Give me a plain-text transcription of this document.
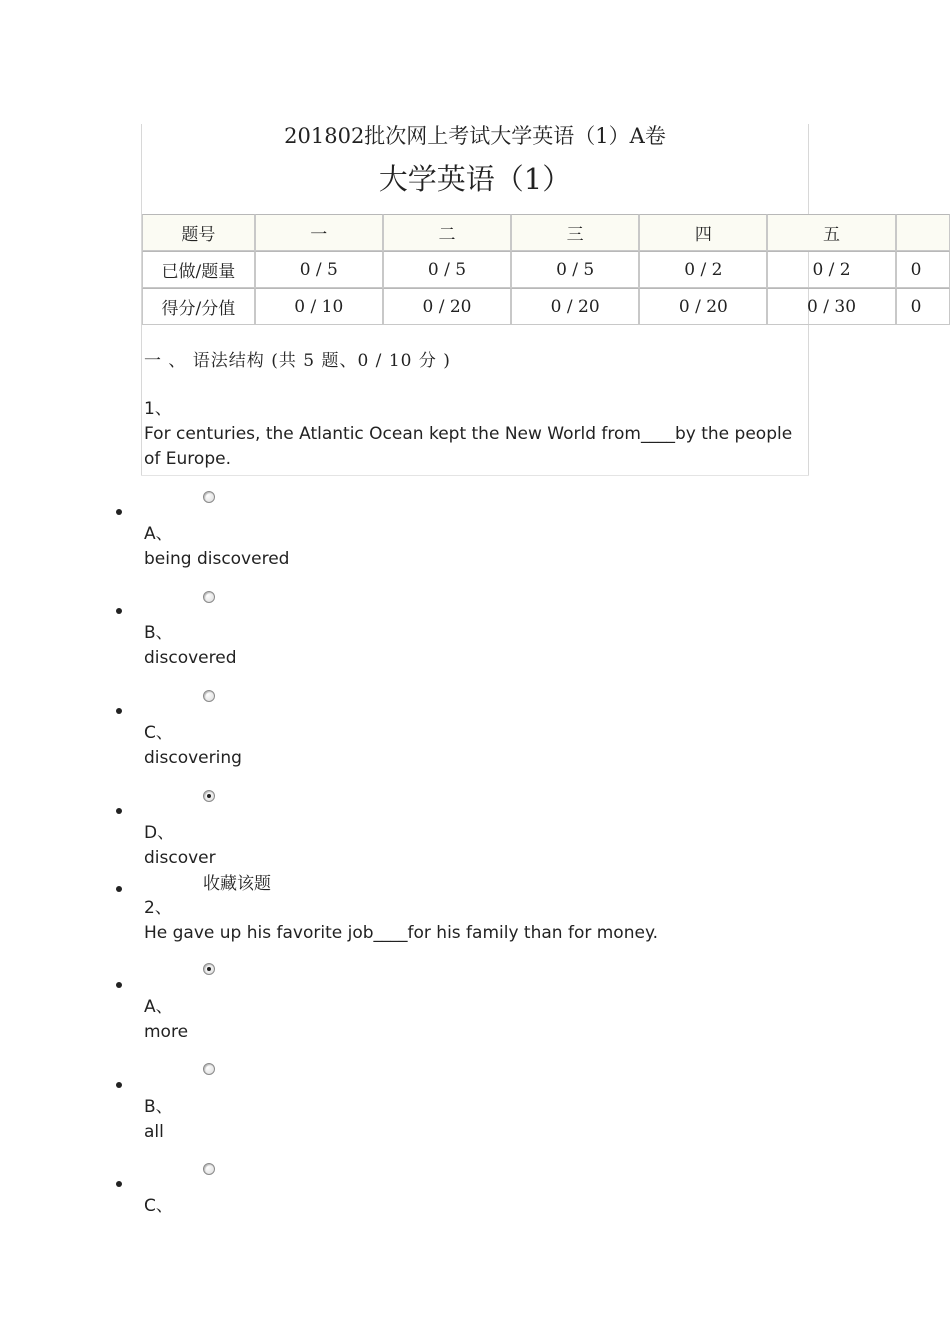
201802批次网上考试大学英语（1）A卷
大学英语（1）
题号	一	二	三	四	五	
已做/题量	0 / 5	0 / 5	0 / 5	0 / 2	0 / 2	0
得分/分值	0 / 10	0 / 20	0 / 20	0 / 20	0 / 30	0
一 、 语法结构 (共 5 题、0 / 10 分 )
1、
For centuries, the Atlantic Ocean kept the New World from____by the people of Europe.
A、
being discovered
B、
discovered
C、
discovering
D、
discover
收藏该题
2、
He gave up his favorite job____for his family than for money.
A、
more
B、
all
C、
